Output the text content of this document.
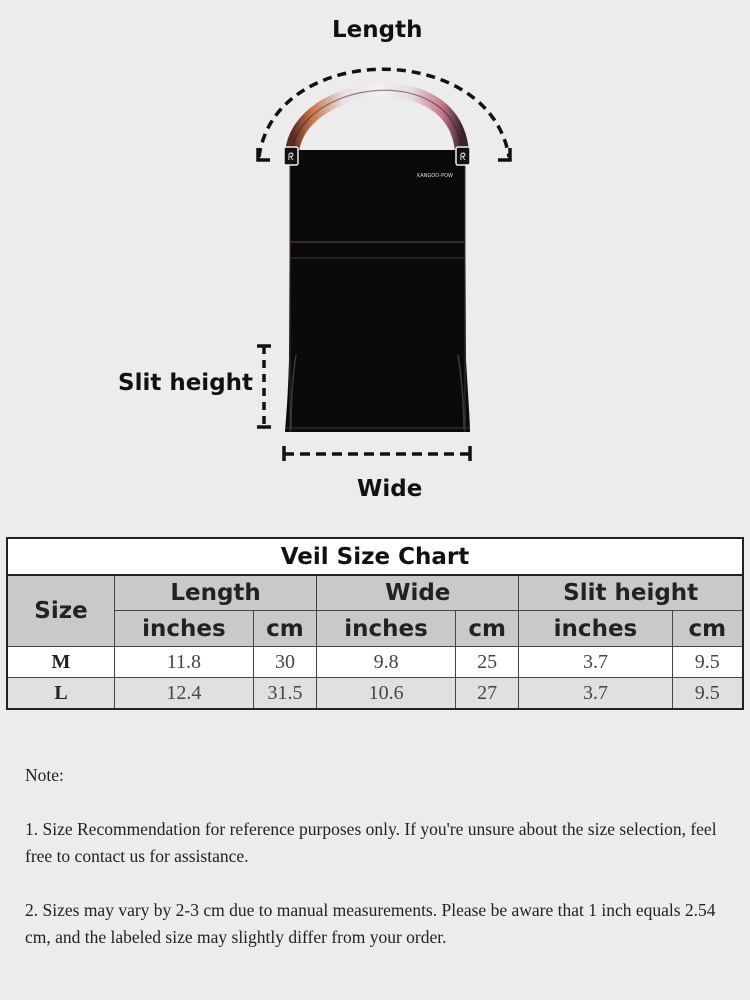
ᖇ	ᖇ
KANGOO-POW
Length
Slit height
Wide
Veil Size Chart						
Size	Length		Wide		Slit height	
	inches	cm	inches	cm	inches	cm
M	11.8	30	9.8	25	3.7	9.5
L	12.4	31.5	10.6	27	3.7	9.5

Note:

1. Size Recommendation for reference purposes only. If you're unsure about the size selection, feel free to contact us for assistance.

2. Sizes may vary by 2-3 cm due to manual measurements. Please be aware that 1 inch equals 2.54 cm, and the labeled size may slightly differ from your order.
